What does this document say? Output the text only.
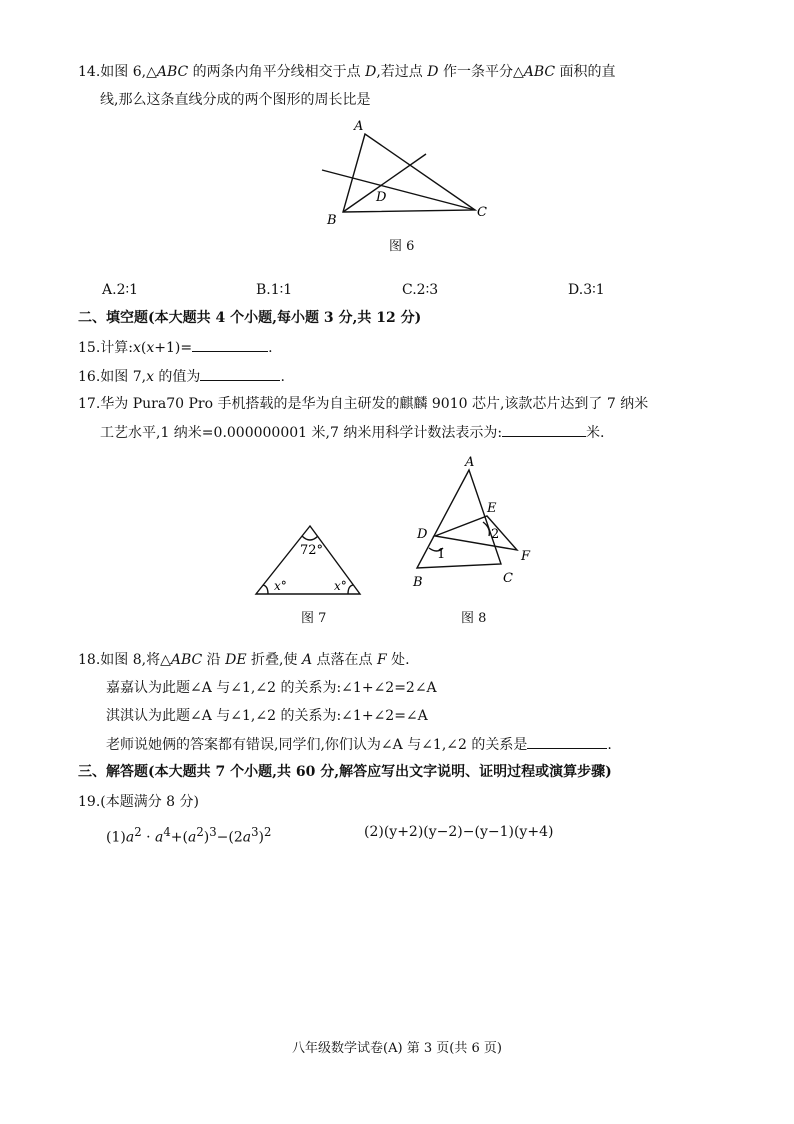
14.如图 6,△ABC 的两条内角平分线相交于点 D,若过点 D 作一条平分△ABC 面积的直
线,那么这条直线分成的两个图形的周长比是
A
B
C
D
图 6
A.2∶1	B.1∶1	C.2∶3	D.3∶1
二、填空题(本大题共 4 个小题,每小题 3 分,共 12 分)
15.计算:x(x+1)=	.
16.如图 7,x 的值为	.
17.华为 Pura70 Pro 手机搭载的是华为自主研发的麒麟 9010 芯片,该款芯片达到了 7 纳米
工艺水平,1 纳米=0.000000001 米,7 纳米用科学计数法表示为:	米.
72°
x°	x°
图 7
A
B	C
D
E
F
1
2
图 8
18.如图 8,将△ABC 沿 DE 折叠,使 A 点落在点 F 处.
嘉嘉认为此题∠A 与∠1,∠2 的关系为:∠1+∠2=2∠A
淇淇认为此题∠A 与∠1,∠2 的关系为:∠1+∠2=∠A
老师说她俩的答案都有错误,同学们,你们认为∠A 与∠1,∠2 的关系是	.
三、解答题(本大题共 7 个小题,共 60 分,解答应写出文字说明、证明过程或演算步骤)
19.(本题满分 8 分)
$(1)a^2 \cdot a^4+(a^2)^3-(2a^3)^2$	(2)(y+2)(y−2)−(y−1)(y+4)
八年级数学试卷(A) 第 3 页(共 6 页)
